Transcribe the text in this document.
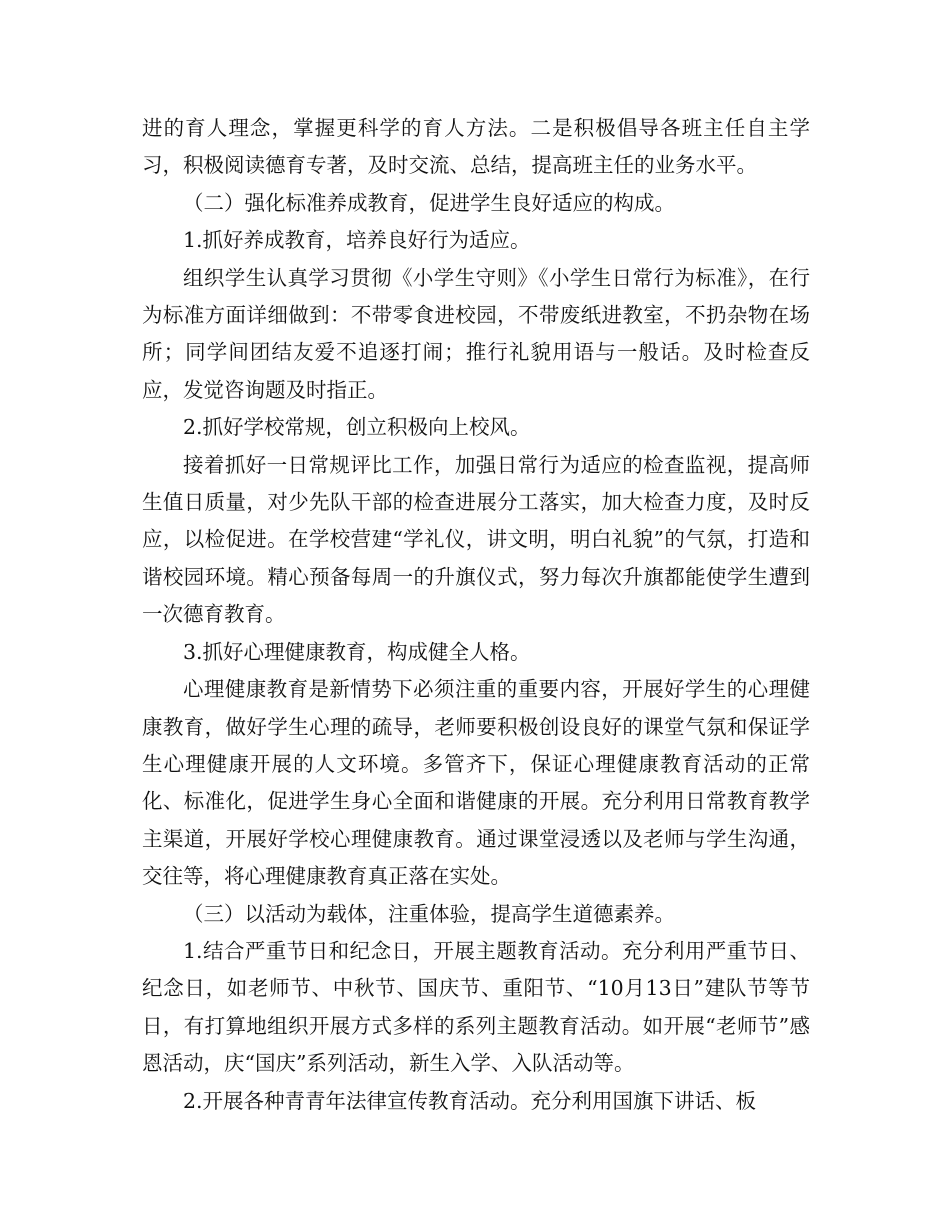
进的育人理念，掌握更科学的育人方法。二是积极倡导各班主任自主学习，积极阅读德育专著，及时交流、总结，提高班主任的业务水平。

（二）强化标准养成教育，促进学生良好适应的构成。

1.抓好养成教育，培养良好行为适应。

组织学生认真学习贯彻《小学生守则》《小学生日常行为标准》，在行为标准方面详细做到：不带零食进校园，不带废纸进教室，不扔杂物在场所；同学间团结友爱不追逐打闹；推行礼貌用语与一般话。及时检查反应，发觉咨询题及时指正。

2.抓好学校常规，创立积极向上校风。

接着抓好一日常规评比工作，加强日常行为适应的检查监视，提高师生值日质量，对少先队干部的检查进展分工落实，加大检查力度，及时反应，以检促进。在学校营建“学礼仪，讲文明，明白礼貌”的气氛，打造和谐校园环境。精心预备每周一的升旗仪式，努力每次升旗都能使学生遭到一次德育教育。

3.抓好心理健康教育，构成健全人格。

心理健康教育是新情势下必须注重的重要内容，开展好学生的心理健康教育，做好学生心理的疏导，老师要积极创设良好的课堂气氛和保证学生心理健康开展的人文环境。多管齐下，保证心理健康教育活动的正常化、标准化，促进学生身心全面和谐健康的开展。充分利用日常教育教学主渠道，开展好学校心理健康教育。通过课堂浸透以及老师与学生沟通，交往等，将心理健康教育真正落在实处。

（三）以活动为载体，注重体验，提高学生道德素养。

1.结合严重节日和纪念日，开展主题教育活动。充分利用严重节日、纪念日，如老师节、中秋节、国庆节、重阳节、“10月13日”建队节等节日，有打算地组织开展方式多样的系列主题教育活动。如开展“老师节”感恩活动，庆“国庆”系列活动，新生入学、入队活动等。

2.开展各种青青年法律宣传教育活动。充分利用国旗下讲话、板
